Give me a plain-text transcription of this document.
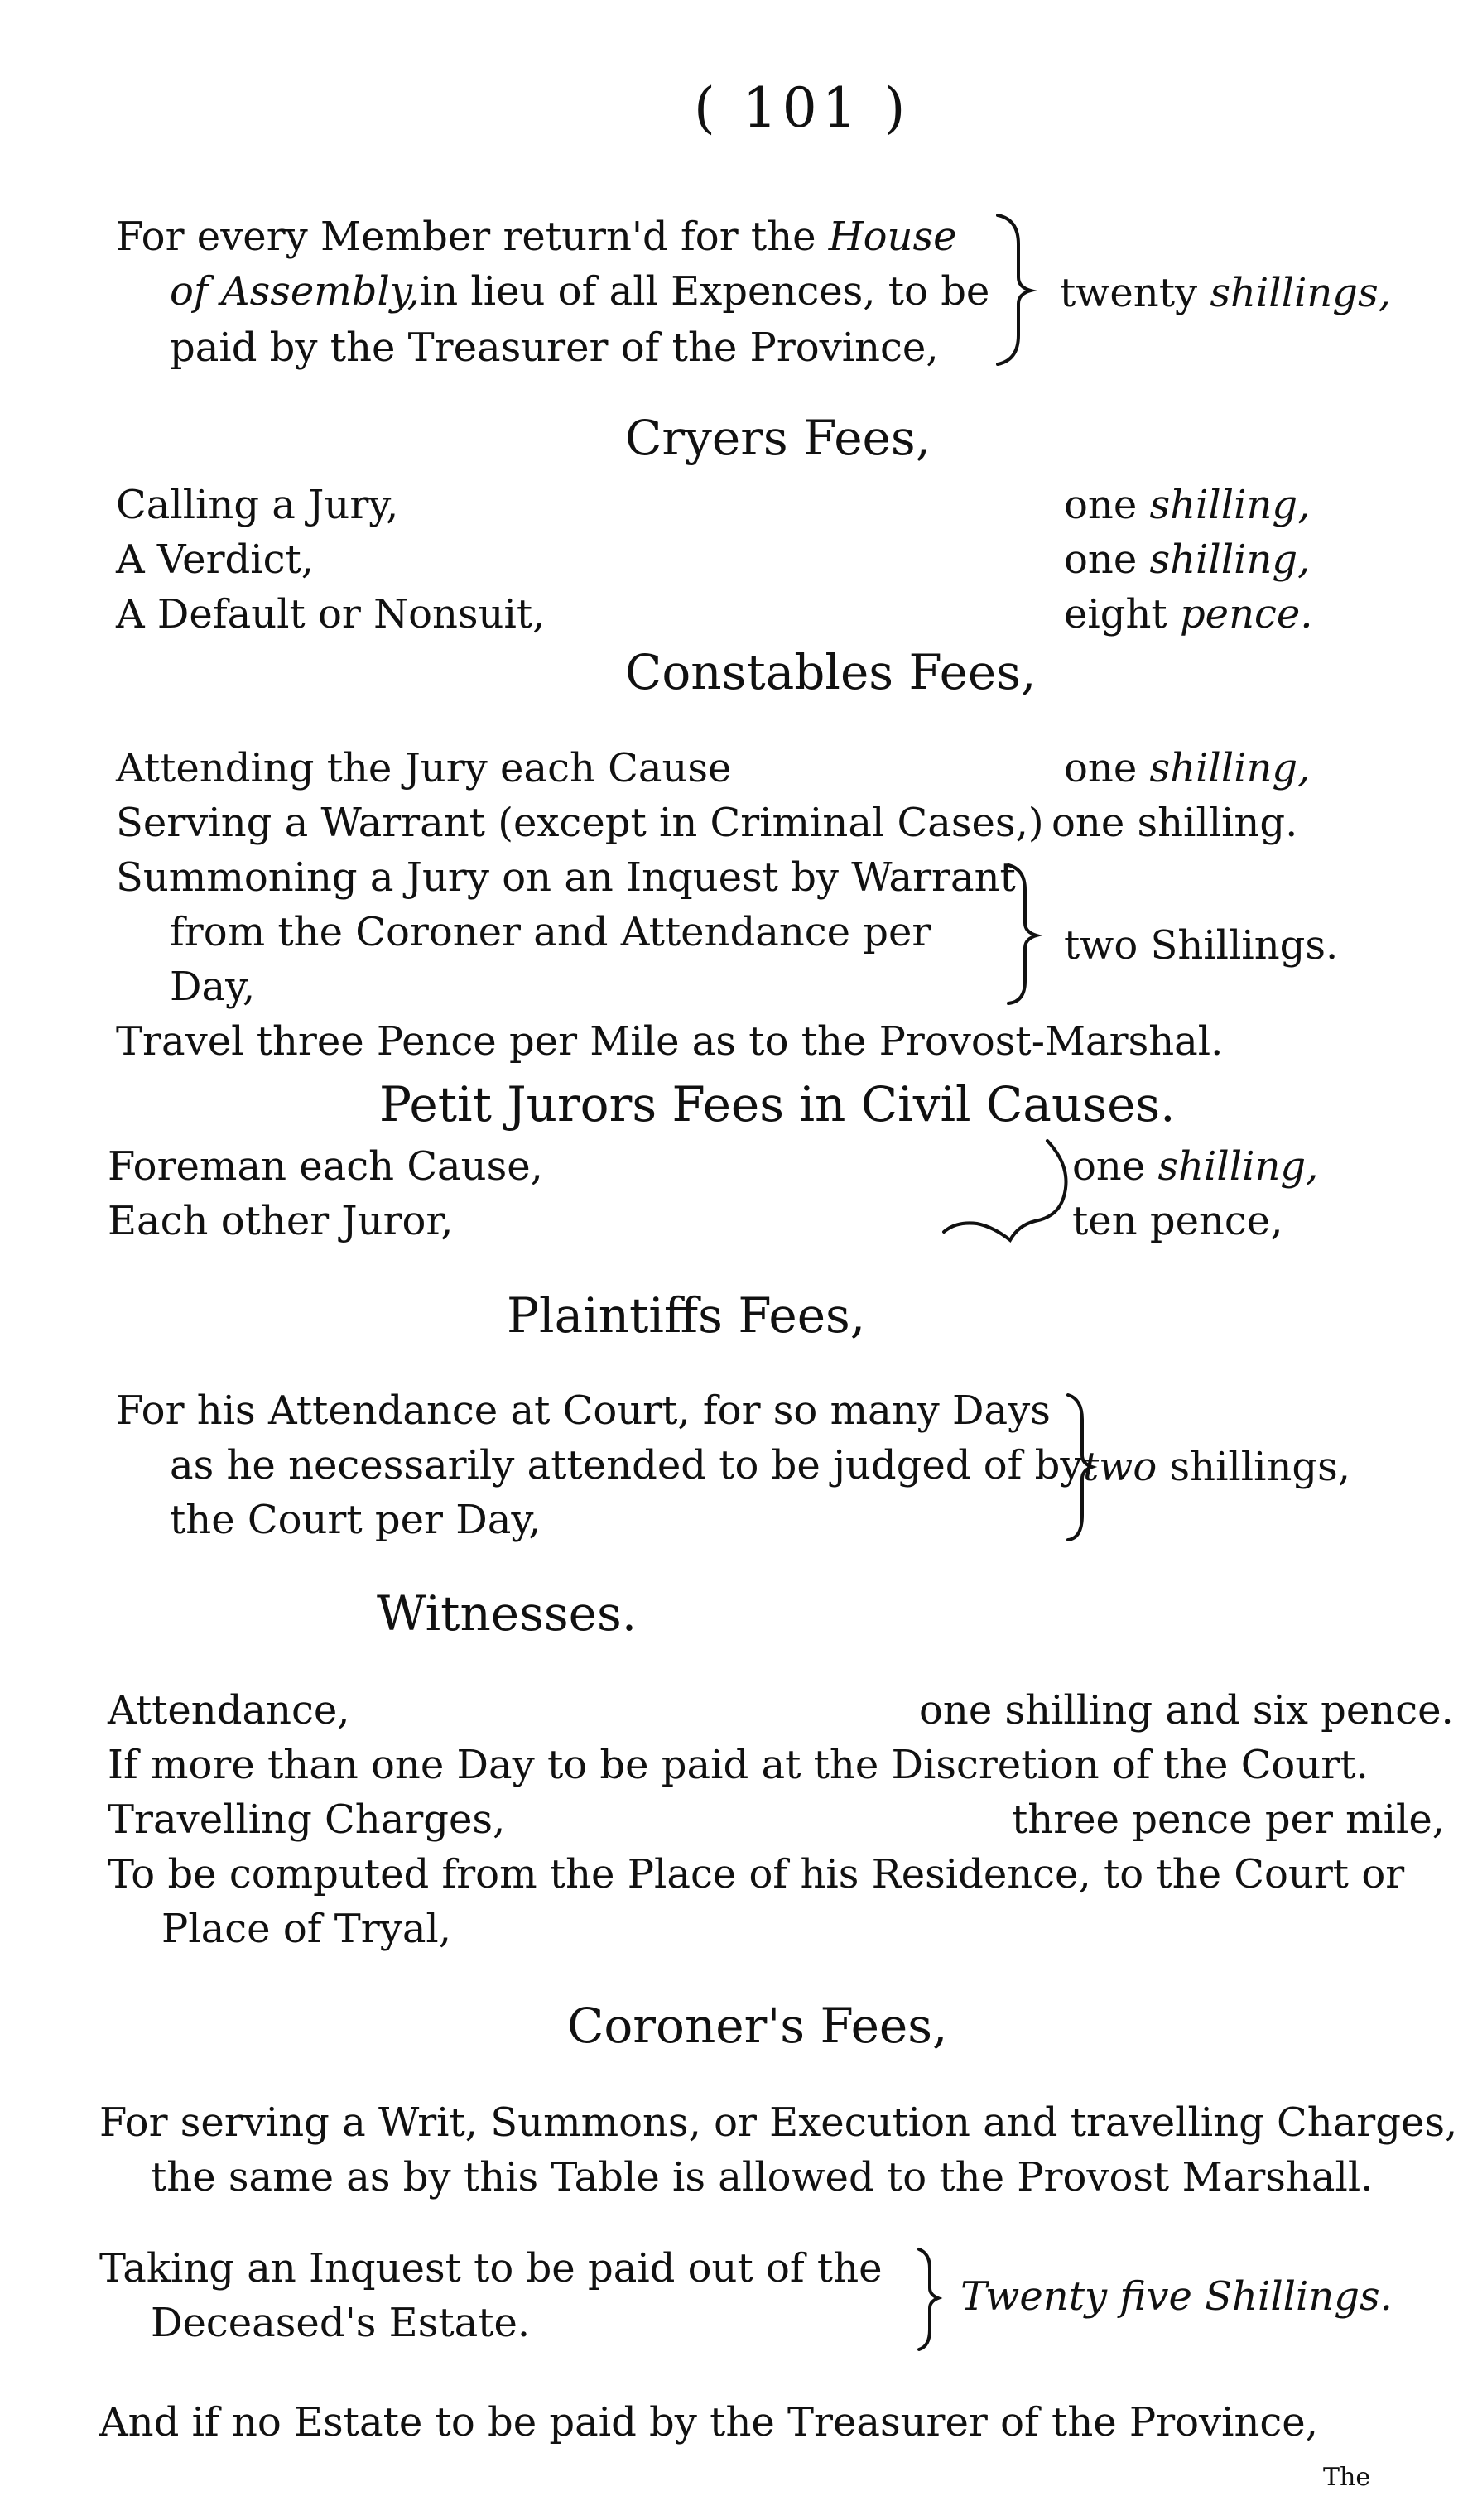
( 101 )
For every Member return'd for the House
of Assembly,in lieu of all Expences, to be
paid by the Treasurer of the Province,
twenty shillings,
Cryers Fees,
Calling a Jury,	one shilling,
A Verdict,	one shilling,
A Default or Nonsuit,	eight pence.
Constables Fees,
Attending the Jury each Cause	one shilling,
Serving a Warrant (except in Criminal Cases,) one shilling.
Summoning a Jury on an Inquest by Warrant
from the Coroner and Attendance per
Day,
two Shillings.
Travel three Pence per Mile as to the Provost-Marshal.
Petit Jurors Fees in Civil Causes.
Foreman each Cause,	one shilling,
Each other Juror,	ten pence,
Plaintiffs Fees,
For his Attendance at Court, for so many Days
as he necessarily attended to be judged of by
the Court per Day,
two shillings,
Witnesses.
Attendance,	one shilling and six pence.
If more than one Day to be paid at the Discretion of the Court.
Travelling Charges,	three pence per mile,
To be computed from the Place of his Residence, to the Court or
Place of Tryal,
Coroner's Fees,
For serving a Writ, Summons, or Execution and travelling Charges,
the same as by this Table is allowed to the Provost Marshall.
Taking an Inquest to be paid out of the
Deceased's Estate.
Twenty five Shillings.
And if no Estate to be paid by the Treasurer of the Province,
The
